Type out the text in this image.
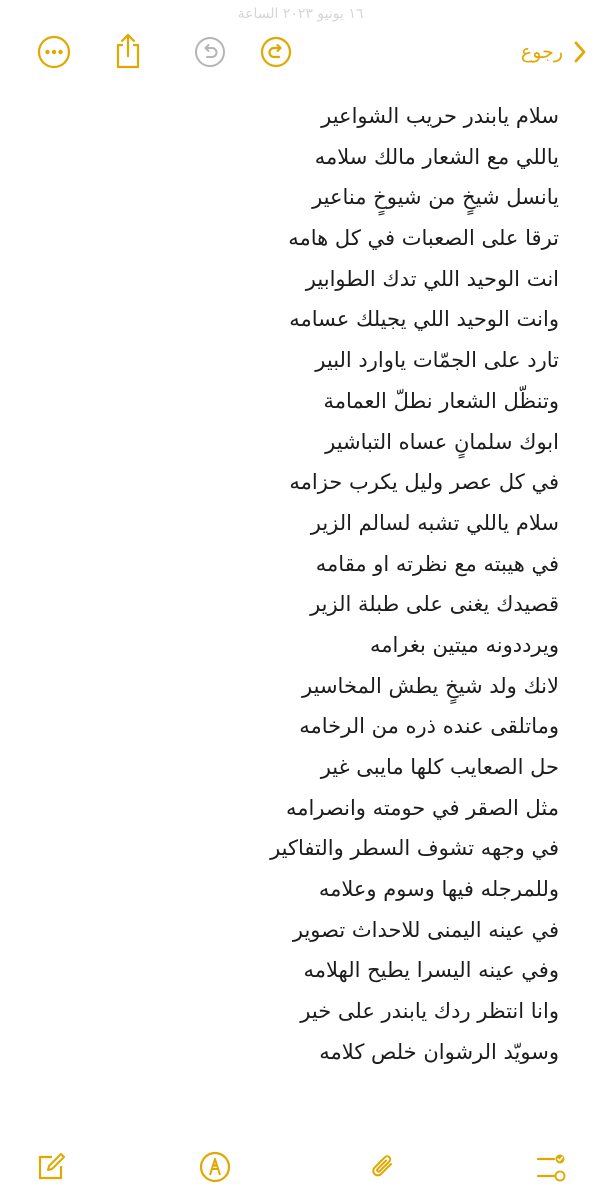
١٦ يونيو ٢٠٢٣ الساعة
رجوع
سلام يابندر حريب الشواعير
ياللي مع الشعار مالك سلامه
يانسل شيخٍ من شيوخٍ مناعير
ترقا على الصعبات في كل هامه
انت الوحيد اللي تدك الطوابير
وانت الوحيد اللي يجيلك عسامه
تارد على الجمّات ياوارد البير
وتنظّل الشعار نطلّ العمامة
ابوك سلمانٍ عساه التباشير
في كل عصر وليل يكرب حزامه
سلام ياللي تشبه لسالم الزير
في هيبته مع نظرته او مقامه
قصيدك يغنى على طبلة الزير
ويرددونه ميتين بغرامه
لانك ولد شيخٍ يطش المخاسير
وماتلقى عنده ذره من الرخامه
حل الصعايب كلها مايبى غير
مثل الصقر في حومته وانصرامه
في وجهه تشوف السطر والتفاكير
وللمرجله فيها وسوم وعلامه
في عينه اليمنى للاحداث تصوير
وفي عينه اليسرا يطيح الهلامه
وانا انتظر ردك يابندر على خير
وسويّد الرشوان خلص كلامه
